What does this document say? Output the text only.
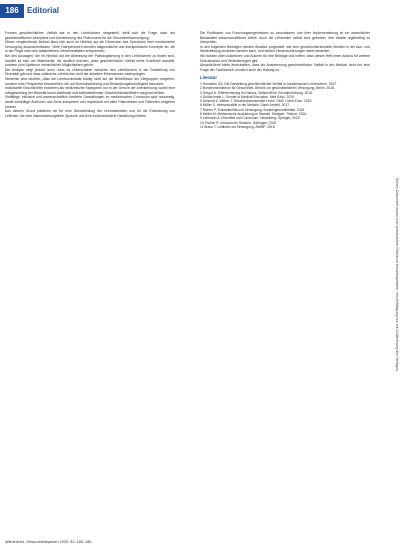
186	Editorial

Formen geschlechtlicher Vielfalt wie in den Lehrbüchern dargestellt, stellt sich die Frage nach der gesellschaftlichen Akzeptanz und Anerkennung des Phänomens für die Gesundheitsversorgung.

Dieser vergleichende Befund lässt sich auch im Hinblick auf die Dimension des Sprechens über medizinische Versorgung zusammenfassen: Viele Fachpersonen wenden diagnostische und therapeutische Konzepte an, die in der Regel nicht den tatsächlichen Lebensrealitäten entsprechen.

Bei den Aussagen, die im Hinblick auf die Ablehnung der Pathologisierung in den Lehrbüchern zu finden sind, handelt es sich um Statements, die deutlich machen, dass geschlechtliche Vielfalt keine Krankheit darstellt, sondern zum Spektrum menschlicher Möglichkeiten gehört.

Die Analyse zeigt jedoch auch, dass es Unterschiede zwischen den Lehrbüchern in der Darstellung von Diversität gibt und dass zahlreiche Lehrbücher nicht die aktuellen Erkenntnisse widerspiegeln.

Weiterhin wird deutlich, dass die Lehrbuchinhalte häufig nicht auf die Bedürfnisse der Zielgruppen eingehen, sondern eine Perspektive beschreiben, die auf Normabweichung und Behandlungsbedürftigkeit fokussiert.

Individuelle Geschlechter existieren als medizinische Kategorien nur in der Grenze der Anerkennung, wobei eine Infragestellung der Binarität kaum stattfindet und selbstbestimmte Geschlechtsidentitäten marginal bleiben.

Vielfältige, inklusive und wissenschaftlich fundierte Darstellungen im medizinischen Curriculum sind notwendig, damit zukünftige Ärztinnen und Ärzte kompetent und respektvoll mit allen Patientinnen und Patienten umgehen können.

Aus diesem Grund plädieren wir für eine Überarbeitung der Lehrmaterialien und für die Entwicklung von Leitlinien, die eine diskriminierungsfreie Sprache und eine evidenzbasierte Darstellung fördern.

Die Publikation von Forschungsergebnissen zu Innovationen und ihrer Implementierung ist ein wesentlicher Bestandteil wissenschaftlicher Arbeit. Auch die Lehrenden selbst sind gefordert, ihre Inhalte regelmäßig zu überprüfen.

In den folgenden Beiträgen werden Ansätze vorgestellt, wie eine geschlechtersensible Medizin in der Aus- und Weiterbildung verankert werden kann, und welche Herausforderungen dabei bestehen.

Wir danken allen Autorinnen und Autoren für ihre Beiträge und hoffen, dass dieses Heft einen Anstoß für weitere Diskussionen und Veränderungen gibt.

Abschließend bleibt festzuhalten, dass die Anerkennung geschlechtlicher Vielfalt in der Medizin nicht nur eine Frage der Fachlichkeit, sondern auch der Haltung ist.

Literatur
1 Hornstein GA. Die Darstellung geschlechtlicher Vielfalt in medizinischen Lehrbüchern. 2017.
2 Bundesministerium für Gesundheit. Bericht zur gesundheitlichen Versorgung. Berlin; 2018.
3 Gregor A. Differenzierung im Diskurs. Zeitschrift für Sexualforschung. 2016.
4 Goldschmidt L. Gender in Medical Education. Med Educ. 2015.
5 Schmidt K, Weber J. Geschlechtersensible Lehre. GMS J Med Educ. 2019.
6 Müller S. Intersexualität in der Medizin. Dtsch Arztebl. 2017.
7 Richter P. Transidentität und Versorgung. Bundesgesundheitsbl. 2018.
8 Weller M. Medizinische Ausbildung im Wandel. Stuttgart: Thieme; 2016.
9 Lehmann A. Diversität und Curriculum. Heidelberg: Springer; 2019.
10 Fischer R. Inklusion im Studium. Göttingen; 2020.
11 Braun T. Leitlinien zur Versorgung. AWMF; 2018.
Wiederhold, Gesundheitswesen 2020; 82: 185–186
Dieses Dokument wurde zum persönlichen Gebrauch heruntergeladen. Vervielfältigung nur mit Zustimmung des Verlages.
